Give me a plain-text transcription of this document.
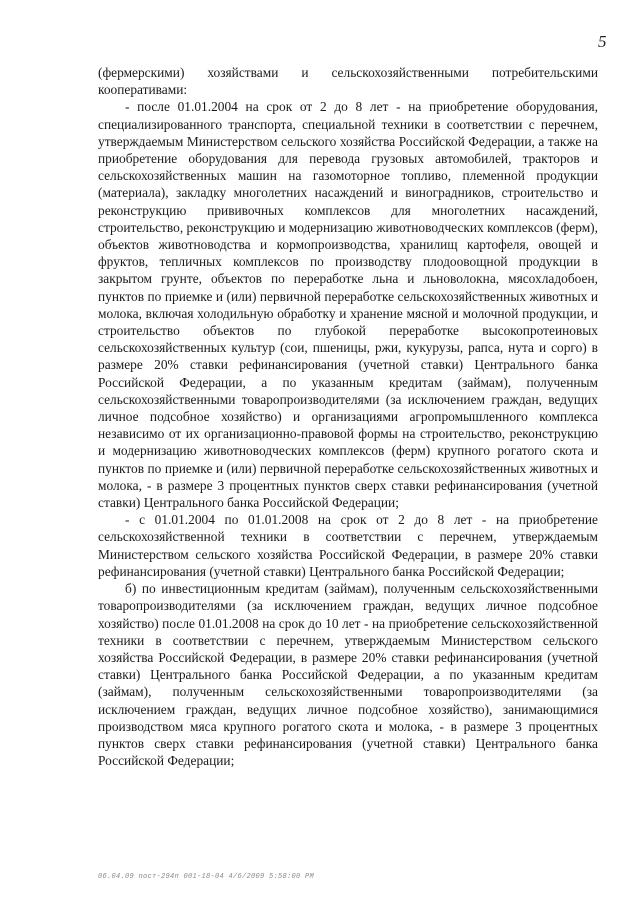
5

(фермерскими) хозяйствами и сельскохозяйственными потребительскими кооперативами:

- после 01.01.2004 на срок от 2 до 8 лет - на приобретение оборудования, специализированного транспорта, специальной техники в соответствии с перечнем, утверждаемым Министерством сельского хозяйства Российской Федерации, а также на приобретение оборудования для перевода грузовых автомобилей, тракторов и сельскохозяйственных машин на газомоторное топливо, племенной продукции (материала), закладку многолетних насаждений и виноградников, строительство и реконструкцию прививочных комплексов для многолетних насаждений, строительство, реконструкцию и модернизацию животноводческих комплексов (ферм), объектов животноводства и кормопроизводства, хранилищ картофеля, овощей и фруктов, тепличных комплексов по производству плодоовощной продукции в закрытом грунте, объектов по переработке льна и льноволокна, мясохладобоен, пунктов по приемке и (или) первичной переработке сельскохозяйственных животных и молока, включая холодильную обработку и хранение мясной и молочной продукции, и строительство объектов по глубокой переработке высокопротеиновых сельскохозяйственных культур (сои, пшеницы, ржи, кукурузы, рапса, нута и сорго) в размере 20% ставки рефинансирования (учетной ставки) Центрального банка Российской Федерации, а по указанным кредитам (займам), полученным сельскохозяйственными товаропроизводителями (за исключением граждан, ведущих личное подсобное хозяйство) и организациями агропромышленного комплекса независимо от их организационно-правовой формы на строительство, реконструкцию и модернизацию животноводческих комплексов (ферм) крупного рогатого скота и пунктов по приемке и (или) первичной переработке сельскохозяйственных животных и молока, - в размере 3 процентных пунктов сверх ставки рефинансирования (учетной ставки) Центрального банка Российской Федерации;

- с 01.01.2004 по 01.01.2008 на срок от 2 до 8 лет - на приобретение сельскохозяйственной техники в соответствии с перечнем, утверждаемым Министерством сельского хозяйства Российской Федерации, в размере 20% ставки рефинансирования (учетной ставки) Центрального банка Российской Федерации;

б) по инвестиционным кредитам (займам), полученным сельскохозяйственными товаропроизводителями (за исключением граждан, ведущих личное подсобное хозяйство) после 01.01.2008 на срок до 10 лет - на приобретение сельскохозяйственной техники в соответствии с перечнем, утверждаемым Министерством сельского хозяйства Российской Федерации, в размере 20% ставки рефинансирования (учетной ставки) Центрального банка Российской Федерации, а по указанным кредитам (займам), полученным сельскохозяйственными товаропроизводителями (за исключением граждан, ведущих личное подсобное хозяйство), занимающимися производством мяса крупного рогатого скота и молока, - в размере 3 процентных пунктов сверх ставки рефинансирования (учетной ставки) Центрального банка Российской Федерации;

06.04.09 пост-294п 001-18-04 4/6/2009 5:58:00 PM
